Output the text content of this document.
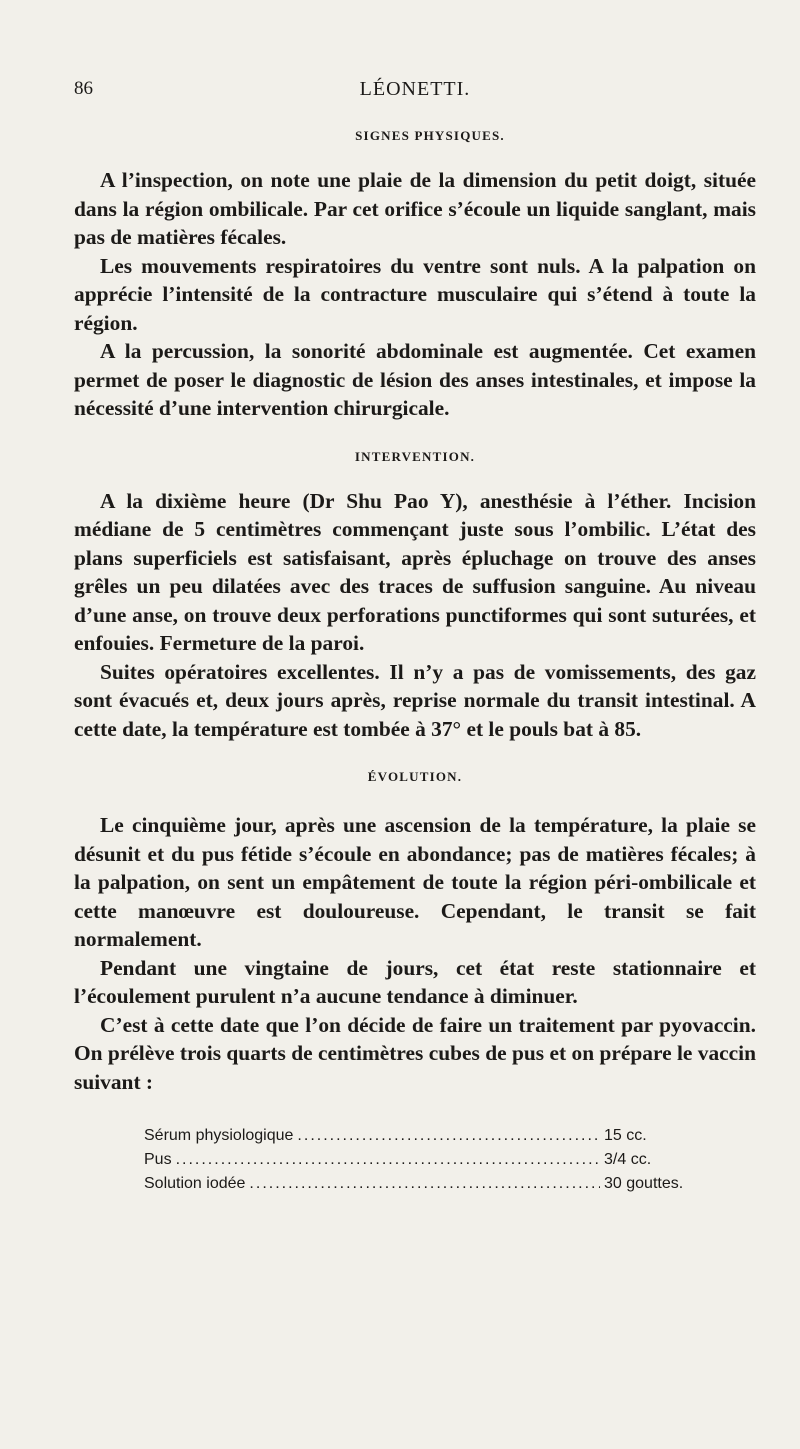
86	LÉONETTI.
SIGNES PHYSIQUES.

A l’inspection, on note une plaie de la dimension du petit doigt, située dans la région ombilicale. Par cet orifice s’écoule un liquide sanglant, mais pas de matières fécales.

Les mouvements respiratoires du ventre sont nuls. A la palpation on apprécie l’intensité de la contracture musculaire qui s’étend à toute la région.

A la percussion, la sonorité abdominale est augmentée. Cet examen permet de poser le diagnostic de lésion des anses intestinales, et impose la nécessité d’une intervention chirurgicale.

INTERVENTION.

A la dixième heure (Dr Shu Pao Y), anesthésie à l’éther. Incision médiane de 5 centimètres commençant juste sous l’ombilic. L’état des plans superficiels est satisfaisant, après épluchage on trouve des anses grêles un peu dilatées avec des traces de suffusion sanguine. Au niveau d’une anse, on trouve deux perforations punctiformes qui sont suturées, et enfouies. Fermeture de la paroi.

Suites opératoires excellentes. Il n’y a pas de vomissements, des gaz sont évacués et, deux jours après, reprise normale du transit intestinal. A cette date, la température est tombée à 37° et le pouls bat à 85.

ÉVOLUTION.

Le cinquième jour, après une ascension de la température, la plaie se désunit et du pus fétide s’écoule en abondance; pas de matières fécales; à la palpation, on sent un empâtement de toute la région péri-ombilicale et cette manœuvre est douloureuse. Cependant, le transit se fait normalement.

Pendant une vingtaine de jours, cet état reste stationnaire et l’écoulement purulent n’a aucune tendance à diminuer.

C’est à cette date que l’on décide de faire un traitement par pyovaccin. On prélève trois quarts de centimètres cubes de pus et on prépare le vaccin suivant :

Sérum physiologique .....	15 cc.
Pus .....	3/4 cc.
Solution iodée .....	30 gouttes.
